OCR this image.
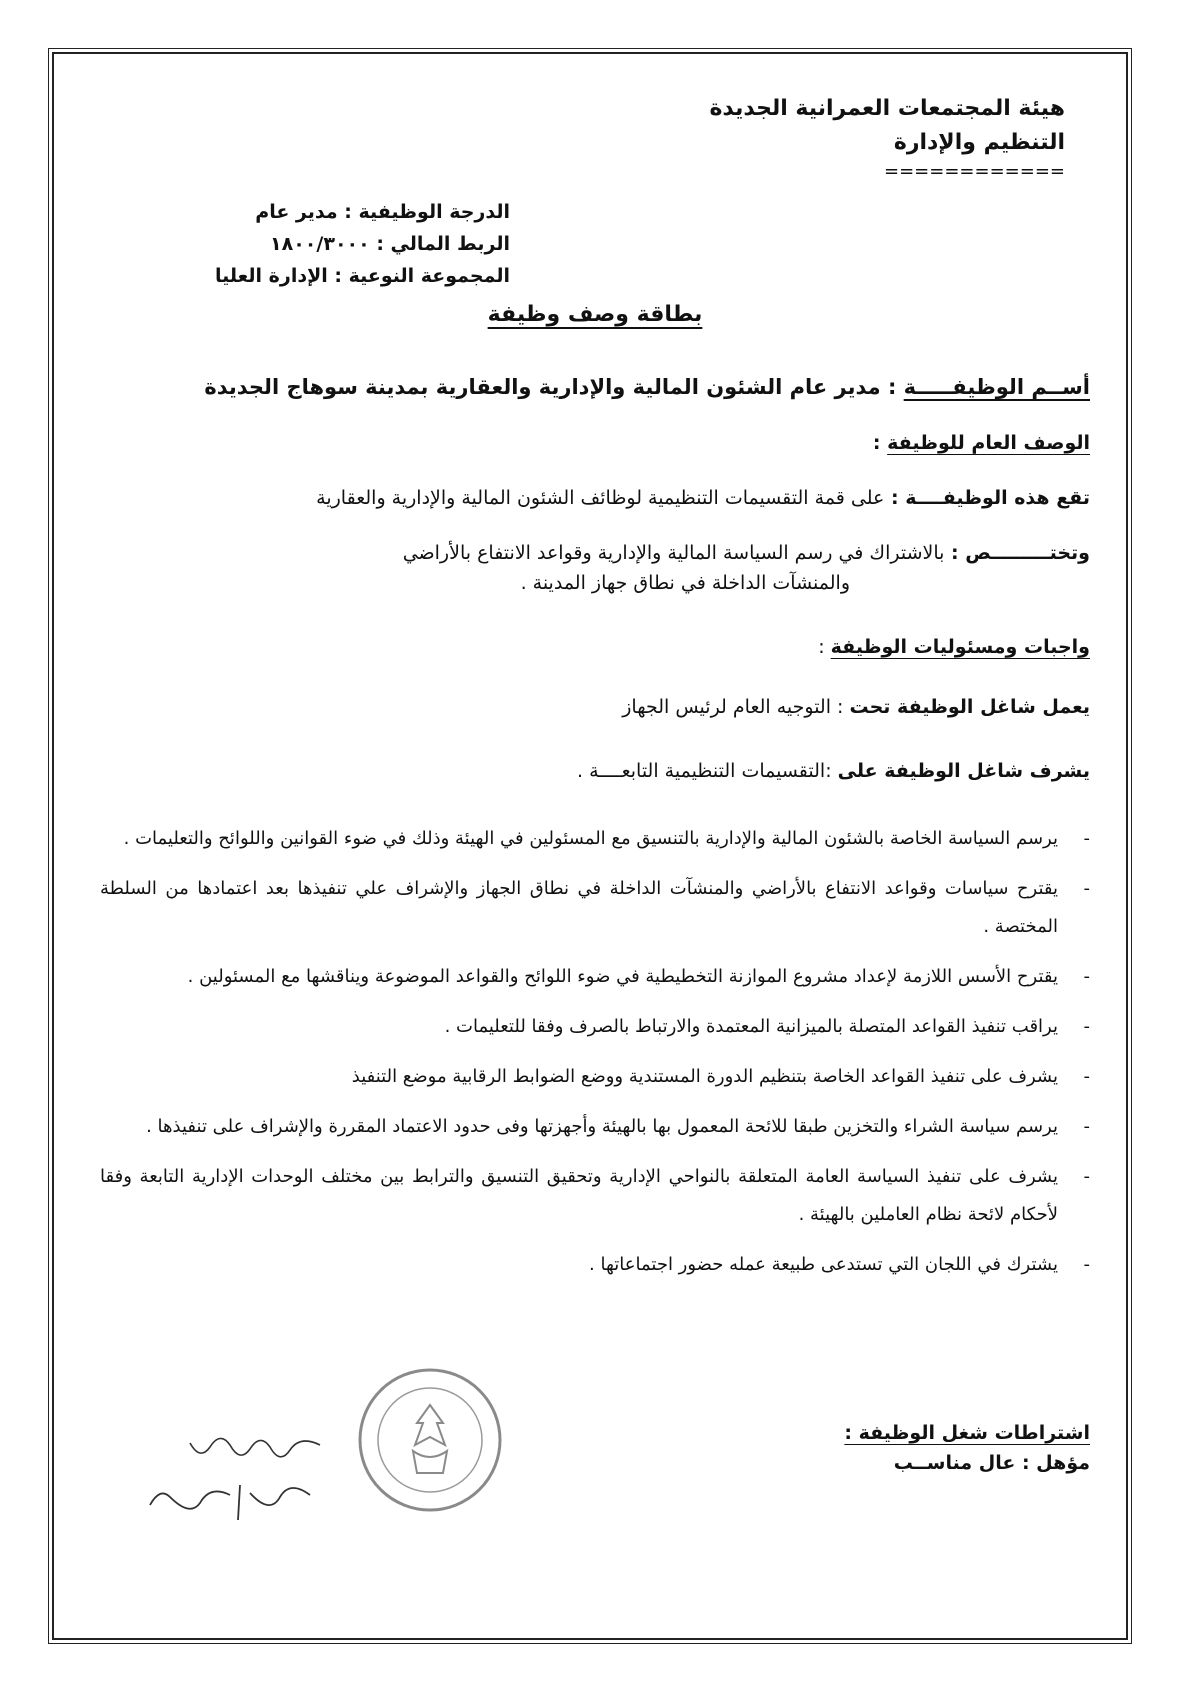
هيئة المجتمعات العمرانية الجديدة
التنظيم والإدارة
============
الدرجة الوظيفية : مدير عام
الربط المالي : ١٨٠٠/٣٠٠٠
المجموعة النوعية : الإدارة العليا
بطاقة وصف وظيفة
أســم الوظيفـــــة : مدير عام الشئون المالية والإدارية والعقارية بمدينة سوهاج الجديدة
الوصف العام للوظيفة :
تقع هذه الوظيفــــة : على قمة التقسيمات التنظيمية لوظائف الشئون المالية والإدارية والعقارية
وتختـــــــــص : بالاشتراك في رسم السياسة المالية والإدارية وقواعد الانتفاع بالأراضي
والمنشآت الداخلة في نطاق جهاز المدينة .
واجبات ومسئوليات الوظيفة :
يعمل شاغل الوظيفة تحت : التوجيه العام لرئيس الجهاز
يشرف شاغل الوظيفة على :التقسيمات التنظيمية التابعــــة .
-
يرسم السياسة الخاصة بالشئون المالية والإدارية بالتنسيق مع المسئولين في الهيئة وذلك في ضوء القوانين واللوائح والتعليمات .
-
يقترح سياسات وقواعد الانتفاع بالأراضي والمنشآت الداخلة في نطاق الجهاز والإشراف علي تنفيذها بعد اعتمادها من السلطة المختصة .
-
يقترح الأسس اللازمة لإعداد مشروع الموازنة التخطيطية في ضوء اللوائح والقواعد الموضوعة ويناقشها مع المسئولين .
-
يراقب تنفيذ القواعد المتصلة بالميزانية المعتمدة والارتباط بالصرف وفقا للتعليمات .
-
يشرف على تنفيذ القواعد الخاصة بتنظيم الدورة المستندية ووضع الضوابط الرقابية موضع التنفيذ
-
يرسم سياسة الشراء والتخزين طبقا للائحة المعمول بها بالهيئة وأجهزتها وفى حدود الاعتماد المقررة والإشراف على تنفيذها .
-
يشرف على تنفيذ السياسة العامة المتعلقة بالنواحي الإدارية وتحقيق التنسيق والترابط بين مختلف الوحدات الإدارية التابعة وفقا لأحكام لائحة نظام العاملين بالهيئة .
-
يشترك في اللجان التي تستدعى طبيعة عمله حضور اجتماعاتها .
اشتراطات شغل الوظيفة :
مؤهل : عال مناســب
